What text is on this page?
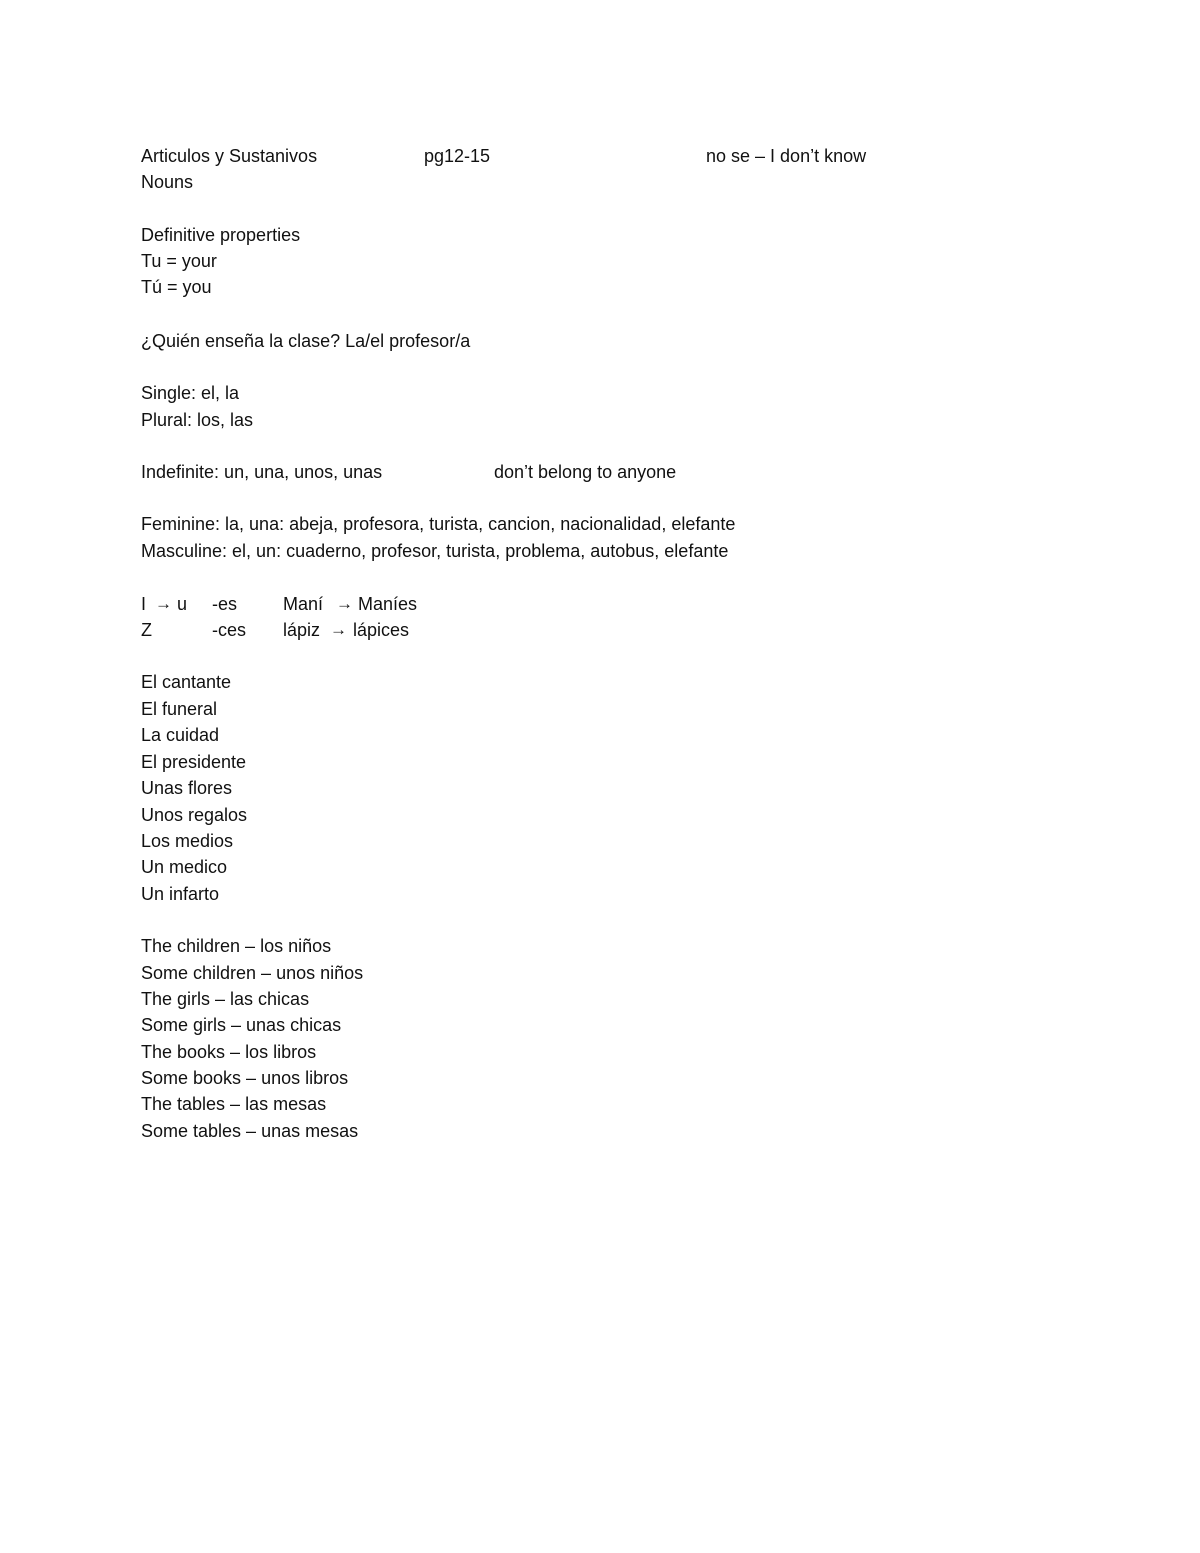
Articulos y Sustanivos	pg12-15	no se – I don’t know
Nouns
Definitive properties
Tu = your
Tú = you
¿Quién enseña la clase? La/el profesor/a
Single: el, la
Plural: los, las
Indefinite: un, una, unos, unas	don’t belong to anyone
Feminine: la, una: abeja, profesora, turista, cancion, nacionalidad, elefante
Masculine: el, un: cuaderno, profesor, turista, problema, autobus, elefante
I → u -es	Maní → Maníes
Z	-ces lápiz → lápices
El cantante
El funeral
La cuidad
El presidente
Unas flores
Unos regalos
Los medios
Un medico
Un infarto
The children – los niños
Some children – unos niños
The girls – las chicas
Some girls – unas chicas
The books – los libros
Some books – unos libros
The tables – las mesas
Some tables – unas mesas
